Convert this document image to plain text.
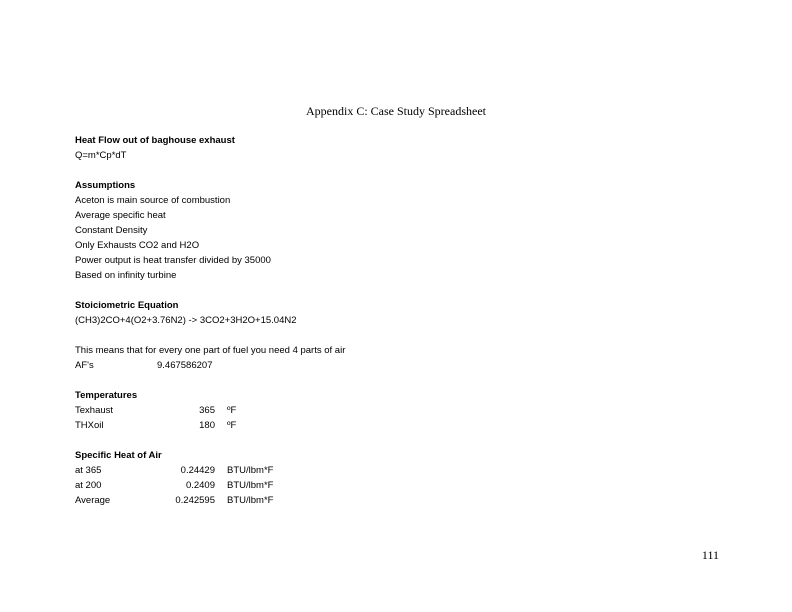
Appendix C: Case Study Spreadsheet
Heat Flow out of baghouse exhaust
Q=m*Cp*dT
Assumptions
Aceton is main source of combustion
Average specific heat
Constant Density
Only Exhausts CO2 and H2O
Power output is heat transfer divided by 35000
Based on infinity turbine
Stoiciometric Equation
(CH3)2CO+4(O2+3.76N2) -> 3CO2+3H2O+15.04N2
This means that for every one part of fuel you need 4 parts of air
AF's	9.467586207
Temperatures
Texhaust	365 ºF
THXoil	180 ºF
Specific Heat of Air
at 365	0.24429 BTU/lbm*F
at 200	0.2409 BTU/lbm*F
Average	0.242595 BTU/lbm*F
111
